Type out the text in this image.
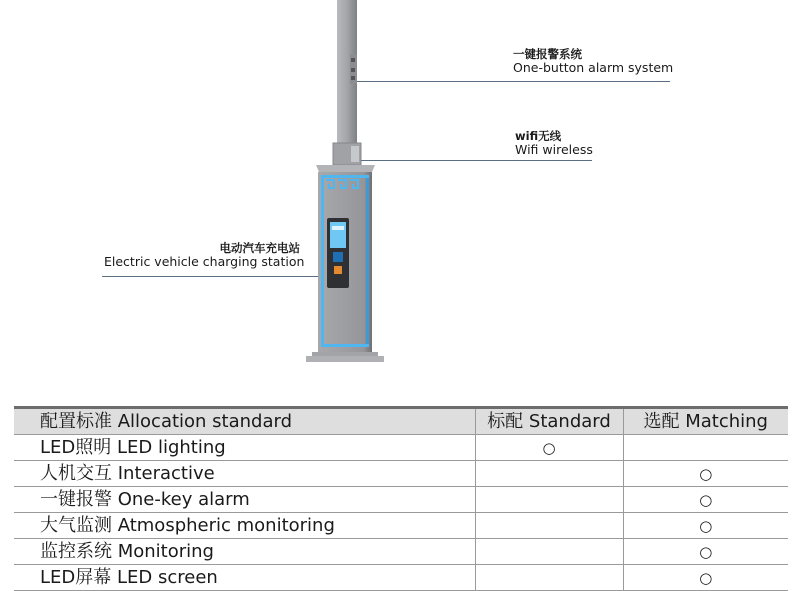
一键报警系统
One-button alarm system
wifi无线
Wifi wireless
电动汽车充电站
Electric vehicle charging station
配置标准 Allocation standard	标配 Standard	选配 Matching
LED照明 LED lighting	○	
人机交互 Interactive		○
一键报警 One-key alarm		○
大气监测 Atmospheric monitoring		○
监控系统 Monitoring		○
LED屏幕 LED screen		○
